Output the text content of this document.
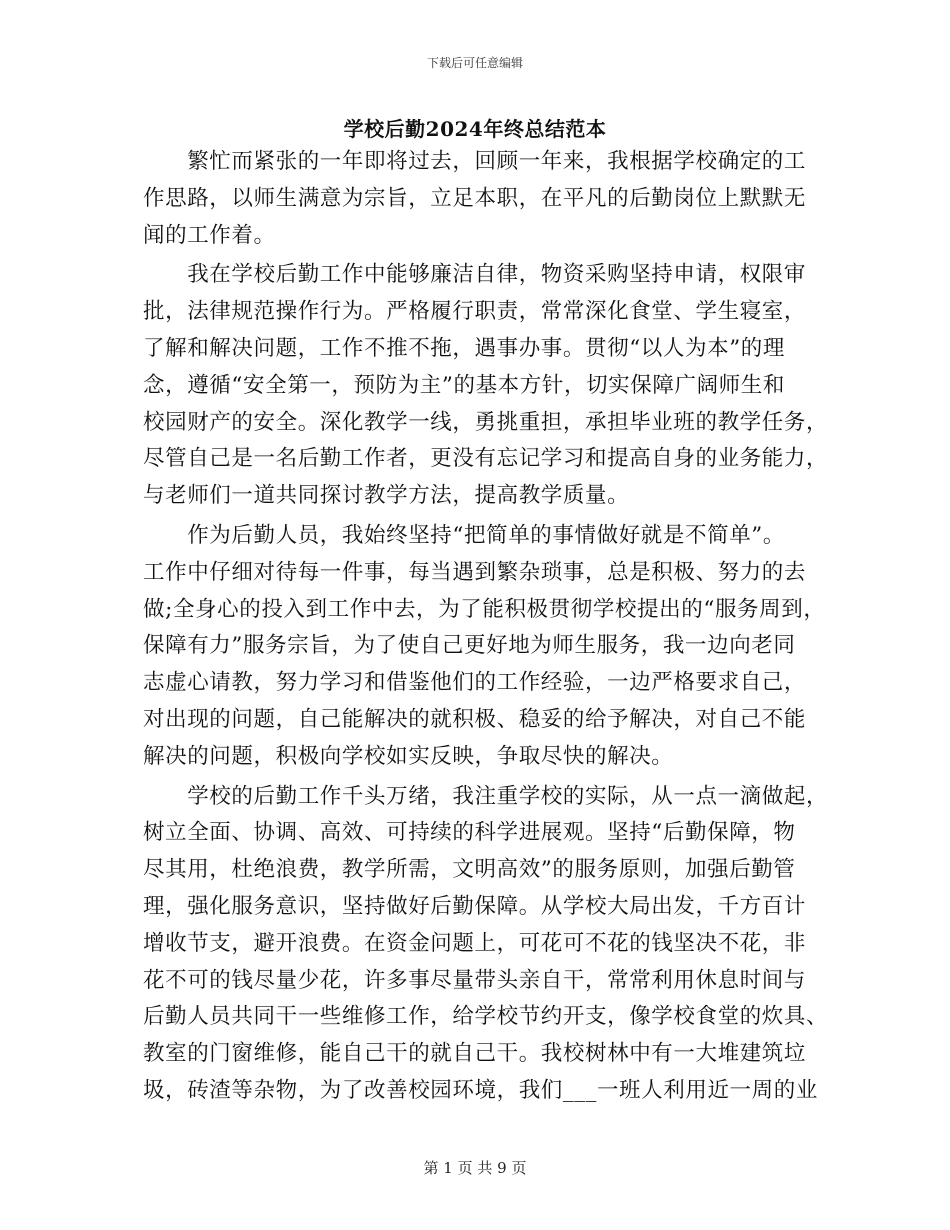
下载后可任意编辑
学校后勤2024年终总结范本
　　繁忙而紧张的一年即将过去，回顾一年来，我根据学校确定的工
作思路，以师生满意为宗旨，立足本职，在平凡的后勤岗位上默默无
闻的工作着。
　　我在学校后勤工作中能够廉洁自律，物资采购坚持申请，权限审
批，法律规范操作行为。严格履行职责，常常深化食堂、学生寝室，
了解和解决问题，工作不推不拖，遇事办事。贯彻“以人为本”的理
念，遵循“安全第一，预防为主”的基本方针，切实保障广阔师生和
校园财产的安全。深化教学一线，勇挑重担，承担毕业班的教学任务，
尽管自己是一名后勤工作者，更没有忘记学习和提高自身的业务能力，
与老师们一道共同探讨教学方法，提高教学质量。
　　作为后勤人员，我始终坚持“把简单的事情做好就是不简单”。
工作中仔细对待每一件事，每当遇到繁杂琐事，总是积极、努力的去
做;全身心的投入到工作中去，为了能积极贯彻学校提出的“服务周到，
保障有力”服务宗旨，为了使自己更好地为师生服务，我一边向老同
志虚心请教，努力学习和借鉴他们的工作经验，一边严格要求自己，
对出现的问题，自己能解决的就积极、稳妥的给予解决，对自己不能
解决的问题，积极向学校如实反映，争取尽快的解决。
　　学校的后勤工作千头万绪，我注重学校的实际，从一点一滴做起，
树立全面、协调、高效、可持续的科学进展观。坚持“后勤保障，物
尽其用，杜绝浪费，教学所需，文明高效”的服务原则，加强后勤管
理，强化服务意识，坚持做好后勤保障。从学校大局出发，千方百计
增收节支，避开浪费。在资金问题上，可花可不花的钱坚决不花，非
花不可的钱尽量少花，许多事尽量带头亲自干，常常利用休息时间与
后勤人员共同干一些维修工作，给学校节约开支，像学校食堂的炊具、
教室的门窗维修，能自己干的就自己干。我校树林中有一大堆建筑垃
圾，砖渣等杂物，为了改善校园环境，我们___一班人利用近一周的业
第 1 页 共 9 页
